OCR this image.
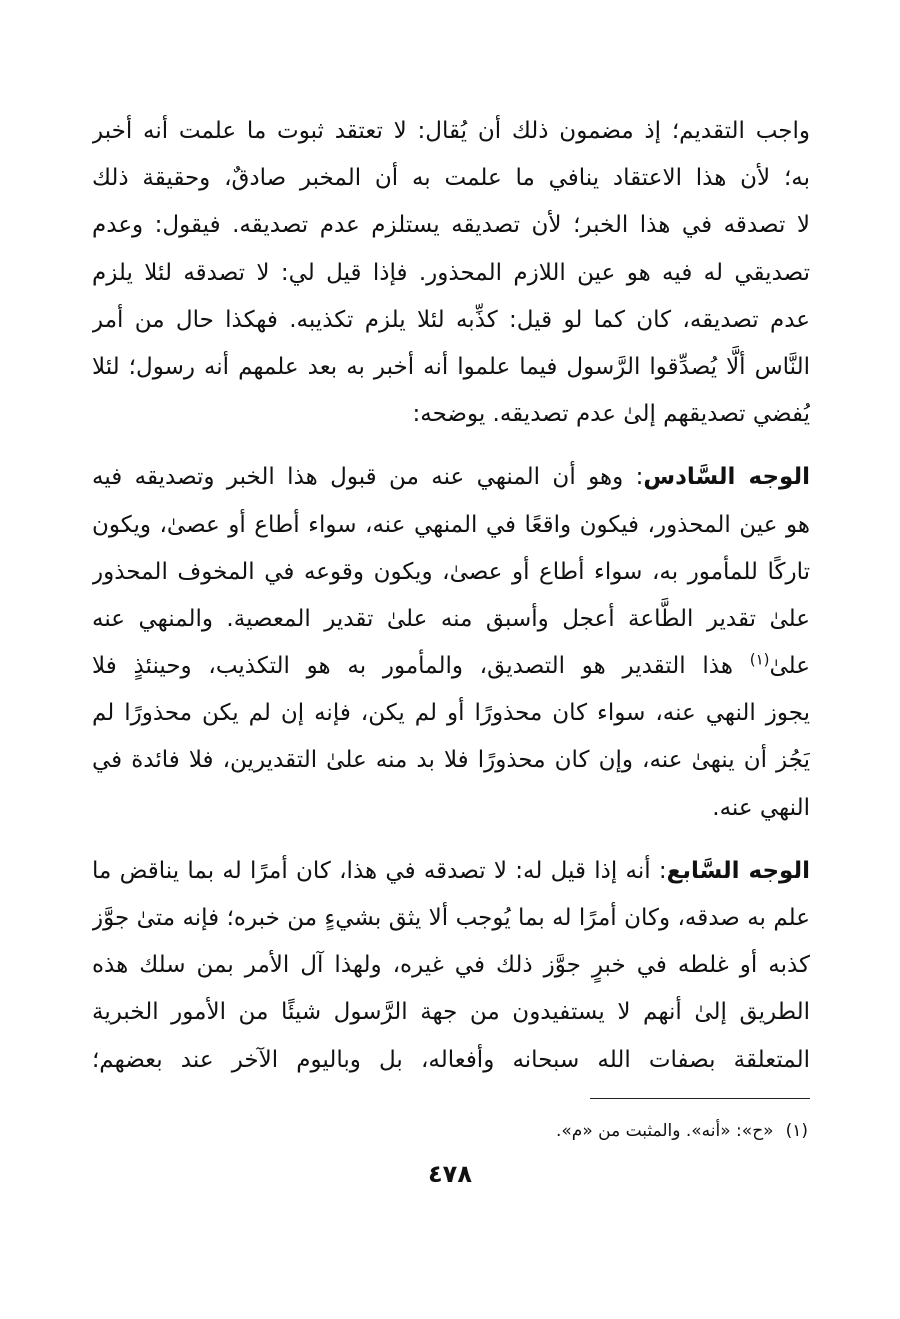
واجب التقديم؛ إذ مضمون ذلك أن يُقال: لا تعتقد ثبوت ما علمت أنه أخبر
به؛ لأن هذا الاعتقاد ينافي ما علمت به أن المخبر صادقٌ، وحقيقة ذلك
لا تصدقه في هذا الخبر؛ لأن تصديقه يستلزم عدم تصديقه. فيقول: وعدم
تصديقي له فيه هو عين اللازم المحذور. فإذا قيل لي: لا تصدقه لئلا يلزم
عدم تصديقه، كان كما لو قيل: كذِّبه لئلا يلزم تكذيبه. فهكذا حال من أمر
النَّاس ألَّا يُصدِّقوا الرَّسول فيما علموا أنه أخبر به بعد علمهم أنه رسول؛ لئلا
يُفضي تصديقهم إلىٰ عدم تصديقه. يوضحه:

الوجه السَّادس: وهو أن المنهي عنه من قبول هذا الخبر وتصديقه فيه
هو عين المحذور، فيكون واقعًا في المنهي عنه، سواء أطاع أو عصىٰ، ويكون
تاركًا للمأمور به، سواء أطاع أو عصىٰ، ويكون وقوعه في المخوف المحذور
علىٰ تقدير الطَّاعة أعجل وأسبق منه علىٰ تقدير المعصية. والمنهي عنه
علىٰ$^{(١)}$ هذا التقدير هو التصديق، والمأمور به هو التكذيب، وحينئذٍ فلا
يجوز النهي عنه، سواء كان محذورًا أو لم يكن، فإنه إن لم يكن محذورًا لم
يَجُز أن ينهىٰ عنه، وإن كان محذورًا فلا بد منه علىٰ التقديرين، فلا فائدة في
النهي عنه.

الوجه السَّابع: أنه إذا قيل له: لا تصدقه في هذا، كان أمرًا له بما يناقض ما
علم به صدقه، وكان أمرًا له بما يُوجب ألا يثق بشيءٍ من خبره؛ فإنه متىٰ جوَّز
كذبه أو غلطه في خبرٍ جوَّز ذلك في غيره، ولهذا آل الأمر بمن سلك هذه
الطريق إلىٰ أنهم لا يستفيدون من جهة الرَّسول شيئًا من الأمور الخبرية
المتعلقة بصفات الله سبحانه وأفعاله، بل وباليوم الآخر عند بعضهم؛

(١)«ح»: «أنه». والمثبت من «م».
٤٧٨
